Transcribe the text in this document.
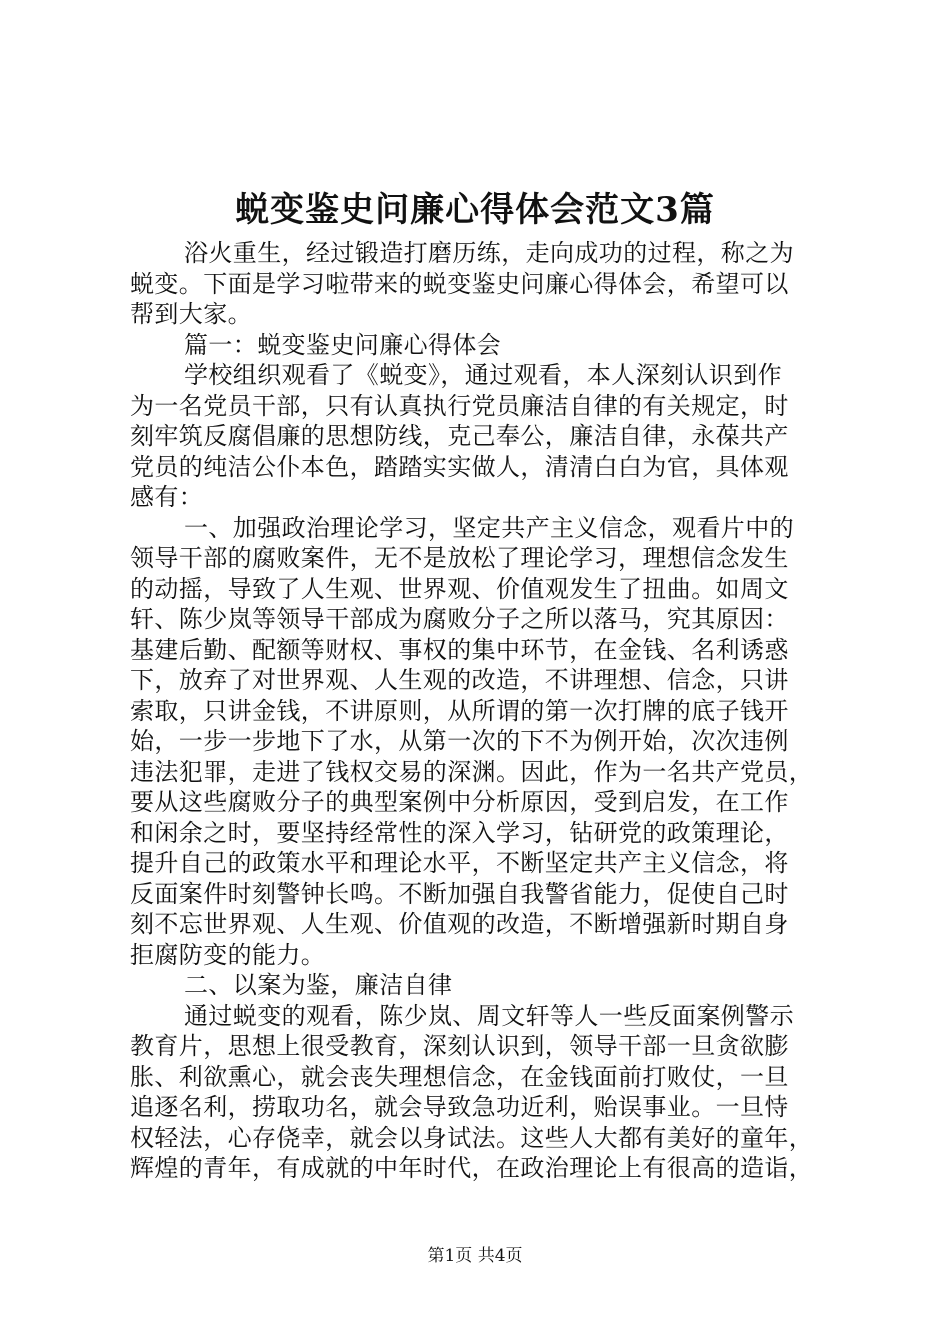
蜕变鉴史问廉心得体会范文3篇

浴火重生，经过锻造打磨历练，走向成功的过程，称之为
蜕变。下面是学习啦带来的蜕变鉴史问廉心得体会，希望可以
帮到大家。

篇一：蜕变鉴史问廉心得体会

学校组织观看了《蜕变》，通过观看，本人深刻认识到作
为一名党员干部，只有认真执行党员廉洁自律的有关规定，时
刻牢筑反腐倡廉的思想防线，克己奉公，廉洁自律，永葆共产
党员的纯洁公仆本色，踏踏实实做人，清清白白为官，具体观
感有：

一、加强政治理论学习，坚定共产主义信念，观看片中的
领导干部的腐败案件，无不是放松了理论学习，理想信念发生
的动摇，导致了人生观、世界观、价值观发生了扭曲。如周文
轩、陈少岚等领导干部成为腐败分子之所以落马，究其原因：
基建后勤、配额等财权、事权的集中环节，在金钱、名利诱惑
下，放弃了对世界观、人生观的改造，不讲理想、信念，只讲
索取，只讲金钱，不讲原则，从所谓的第一次打牌的底子钱开
始，一步一步地下了水，从第一次的下不为例开始，次次违例
违法犯罪，走进了钱权交易的深渊。因此，作为一名共产党员，
要从这些腐败分子的典型案例中分析原因，受到启发，在工作
和闲余之时，要坚持经常性的深入学习，钻研党的政策理论，
提升自己的政策水平和理论水平，不断坚定共产主义信念，将
反面案件时刻警钟长鸣。不断加强自我警省能力，促使自己时
刻不忘世界观、人生观、价值观的改造，不断增强新时期自身
拒腐防变的能力。

二、以案为鉴，廉洁自律

通过蜕变的观看，陈少岚、周文轩等人一些反面案例警示
教育片，思想上很受教育，深刻认识到，领导干部一旦贪欲膨
胀、利欲熏心，就会丧失理想信念，在金钱面前打败仗，一旦
追逐名利，捞取功名，就会导致急功近利，贻误事业。一旦恃
权轻法，心存侥幸，就会以身试法。这些人大都有美好的童年，
辉煌的青年，有成就的中年时代，在政治理论上有很高的造诣，

第1页 共4页
